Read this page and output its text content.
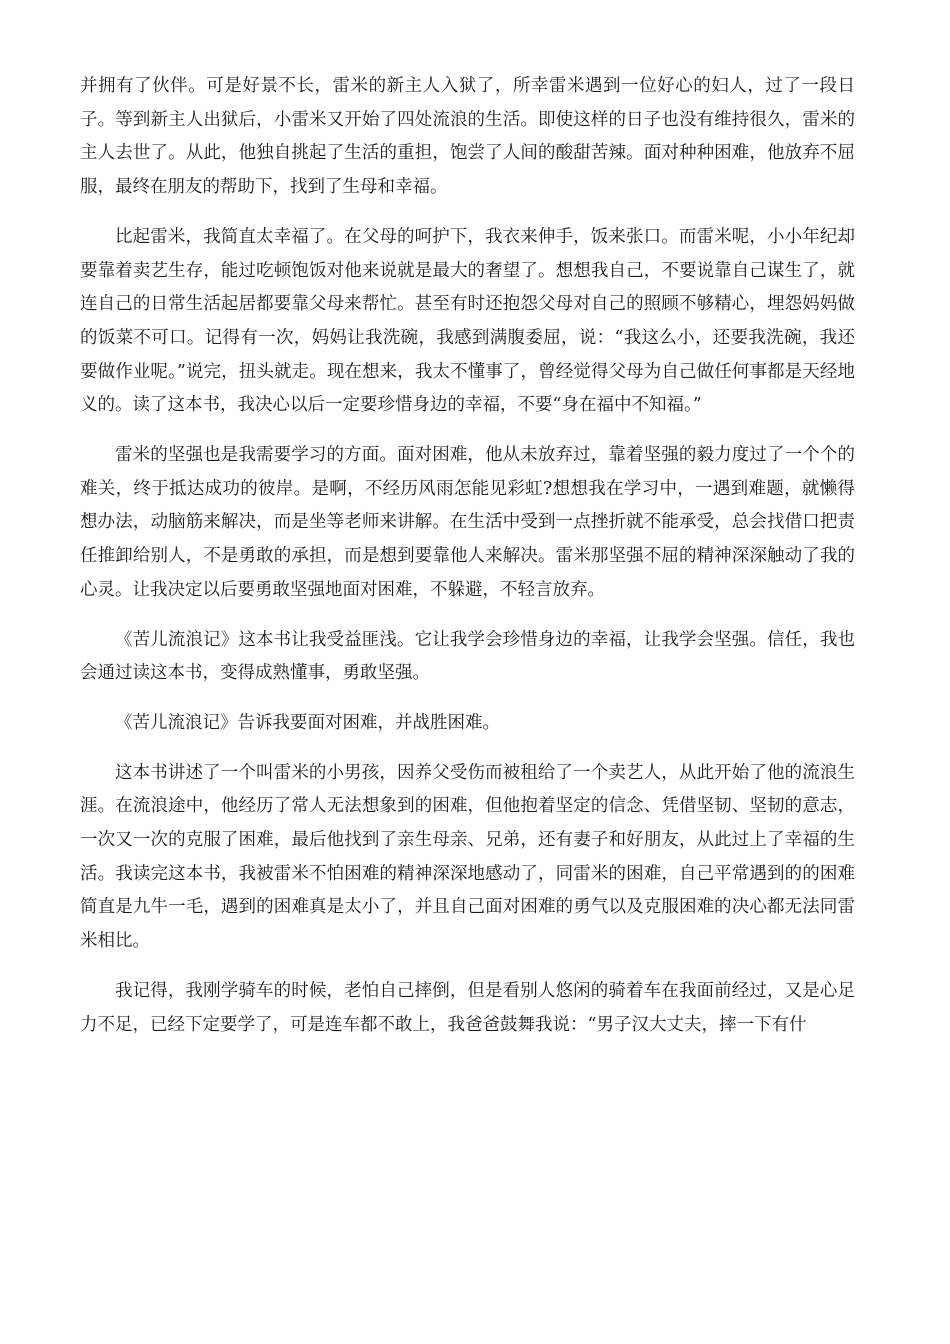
并拥有了伙伴。可是好景不长，雷米的新主人入狱了，所幸雷米遇到一位好心的妇人，过了一段日子。等到新主人出狱后，小雷米又开始了四处流浪的生活。即使这样的日子也没有维持很久，雷米的主人去世了。从此，他独自挑起了生活的重担，饱尝了人间的酸甜苦辣。面对种种困难，他放弃不屈服，最终在朋友的帮助下，找到了生母和幸福。

比起雷米，我简直太幸福了。在父母的呵护下，我衣来伸手，饭来张口。而雷米呢，小小年纪却要靠着卖艺生存，能过吃顿饱饭对他来说就是最大的奢望了。想想我自己，不要说靠自己谋生了，就连自己的日常生活起居都要靠父母来帮忙。甚至有时还抱怨父母对自己的照顾不够精心，埋怨妈妈做的饭菜不可口。记得有一次，妈妈让我洗碗，我感到满腹委屈，说：“我这么小，还要我洗碗，我还要做作业呢。”说完，扭头就走。现在想来，我太不懂事了，曾经觉得父母为自己做任何事都是天经地义的。读了这本书，我决心以后一定要珍惜身边的幸福，不要“身在福中不知福。”

雷米的坚强也是我需要学习的方面。面对困难，他从未放弃过，靠着坚强的毅力度过了一个个的难关，终于抵达成功的彼岸。是啊，不经历风雨怎能见彩虹?想想我在学习中，一遇到难题，就懒得想办法，动脑筋来解决，而是坐等老师来讲解。在生活中受到一点挫折就不能承受，总会找借口把责任推卸给别人，不是勇敢的承担，而是想到要靠他人来解决。雷米那坚强不屈的精神深深触动了我的心灵。让我决定以后要勇敢坚强地面对困难，不躲避，不轻言放弃。

《苦儿流浪记》这本书让我受益匪浅。它让我学会珍惜身边的幸福，让我学会坚强。信任，我也会通过读这本书，变得成熟懂事，勇敢坚强。

《苦儿流浪记》告诉我要面对困难，并战胜困难。

这本书讲述了一个叫雷米的小男孩，因养父受伤而被租给了一个卖艺人，从此开始了他的流浪生涯。在流浪途中，他经历了常人无法想象到的困难，但他抱着坚定的信念、凭借坚韧、坚韧的意志，一次又一次的克服了困难，最后他找到了亲生母亲、兄弟，还有妻子和好朋友，从此过上了幸福的生活。我读完这本书，我被雷米不怕困难的精神深深地感动了，同雷米的困难，自己平常遇到的的困难简直是九牛一毛，遇到的困难真是太小了，并且自己面对困难的勇气以及克服困难的决心都无法同雷米相比。

我记得，我刚学骑车的时候，老怕自己摔倒，但是看别人悠闲的骑着车在我面前经过，又是心足力不足，已经下定要学了，可是连车都不敢上，我爸爸鼓舞我说：“男子汉大丈夫，摔一下有什
